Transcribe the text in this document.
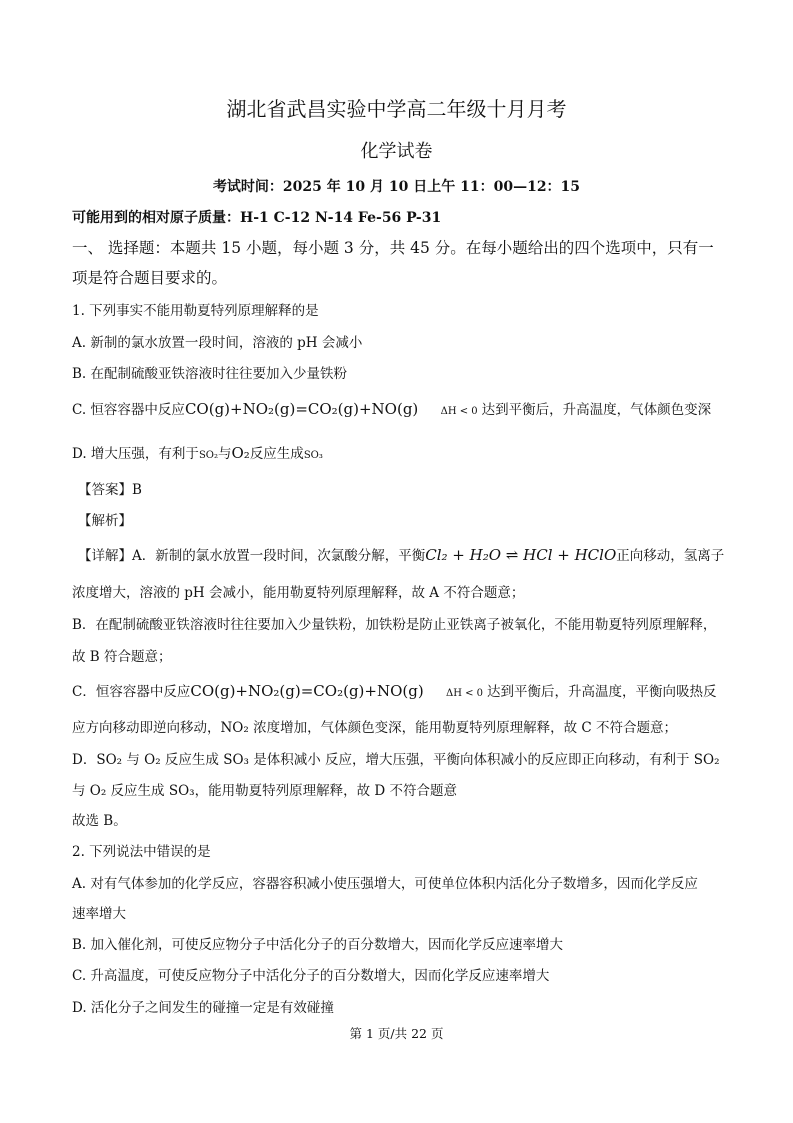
湖北省武昌实验中学高二年级十月月考
化学试卷
考试时间：2025 年 10 月 10 日上午 11：00—12：15
可能用到的相对原子质量：H-1 C-12 N-14 Fe-56 P-31
一、 选择题：本题共 15 小题，每小题 3 分，共 45 分。在每小题给出的四个选项中，只有一
项是符合题目要求的。
1. 下列事实不能用勒夏特列原理解释的是
A. 新制的氯水放置一段时间，溶液的 pH 会减小
B. 在配制硫酸亚铁溶液时往往要加入少量铁粉
C. 恒容容器中反应CO(g)+NO₂(g)=CO₂(g)+NO(g) ΔH < 0 达到平衡后，升高温度，气体颜色变深
D. 增大压强，有利于SO₂与O₂反应生成SO₃
【答案】B
【解析】
【详解】A．新制的氯水放置一段时间，次氯酸分解，平衡Cl₂ + H₂O ⇌ HCl + HClO正向移动，氢离子
浓度增大，溶液的 pH 会减小，能用勒夏特列原理解释，故 A 不符合题意；
B．在配制硫酸亚铁溶液时往往要加入少量铁粉，加铁粉是防止亚铁离子被氧化，不能用勒夏特列原理解释，
故 B 符合题意；
C．恒容容器中反应CO(g)+NO₂(g)=CO₂(g)+NO(g) ΔH < 0 达到平衡后，升高温度，平衡向吸热反
应方向移动即逆向移动，NO₂ 浓度增加，气体颜色变深，能用勒夏特列原理解释，故 C 不符合题意；
D．SO₂ 与 O₂ 反应生成 SO₃ 是体积减小 反应，增大压强，平衡向体积减小的反应即正向移动，有利于 SO₂
与 O₂ 反应生成 SO₃，能用勒夏特列原理解释，故 D 不符合题意
故选 B。
2. 下列说法中错误的是
A. 对有气体参加的化学反应，容器容积减小使压强增大，可使单位体积内活化分子数增多，因而化学反应
速率增大
B. 加入催化剂，可使反应物分子中活化分子的百分数增大，因而化学反应速率增大
C. 升高温度，可使反应物分子中活化分子的百分数增大，因而化学反应速率增大
D. 活化分子之间发生的碰撞一定是有效碰撞
第 1 页/共 22 页
